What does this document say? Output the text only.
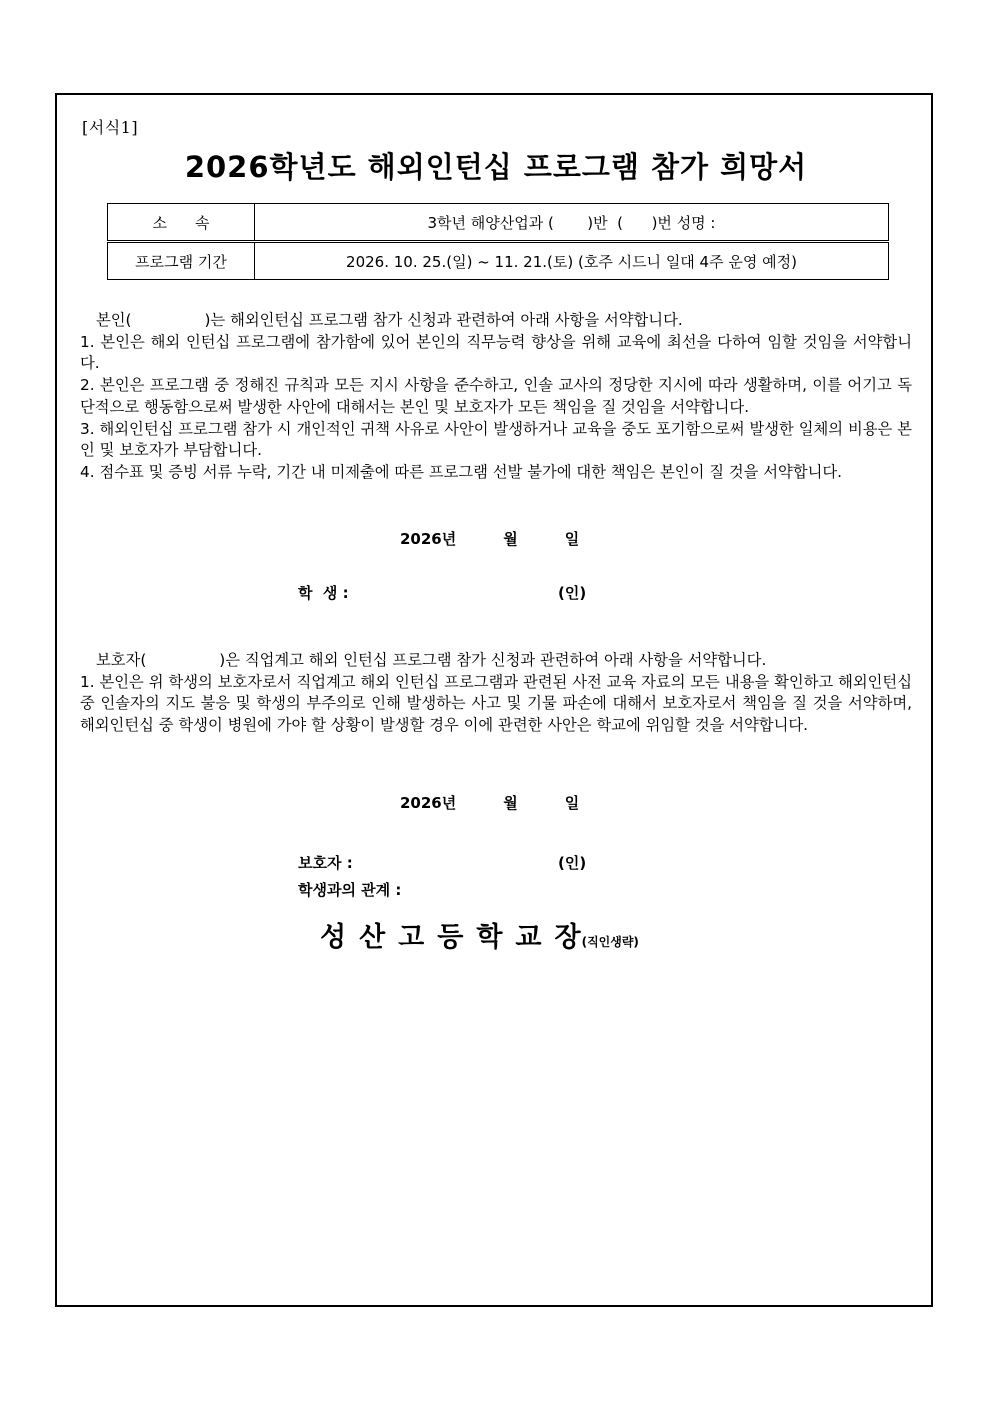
[서식1]
2026학년도 해외인턴십 프로그램 참가 희망서
소속	3학년 해양산업과 (       )반  (      )번 성명 :
프로그램 기간	2026. 10. 25.(일) ~ 11. 21.(토) (호주 시드니 일대 4주 운영 예정)

본인(               )는 해외인턴십 프로그램 참가 신청과 관련하여 아래 사항을 서약합니다.

1. 본인은 해외 인턴십 프로그램에 참가함에 있어 본인의 직무능력 향상을 위해 교육에 최선을 다하여 임할 것임을 서약합니다.

2. 본인은 프로그램 중 정해진 규칙과 모든 지시 사항을 준수하고, 인솔 교사의 정당한 지시에 따라 생활하며, 이를 어기고 독단적으로 행동함으로써 발생한 사안에 대해서는 본인 및 보호자가 모든 책임을 질 것임을 서약합니다.

3. 해외인턴십 프로그램 참가 시 개인적인 귀책 사유로 사안이 발생하거나 교육을 중도 포기함으로써 발생한 일체의 비용은 본인 및 보호자가 부담합니다.

4. 점수표 및 증빙 서류 누락, 기간 내 미제출에 따른 프로그램 선발 불가에 대한 책임은 본인이 질 것을 서약합니다.

2026년         월         일
학  생 :	(인)

보호자(               )은 직업계고 해외 인턴십 프로그램 참가 신청과 관련하여 아래 사항을 서약합니다.

1. 본인은 위 학생의 보호자로서 직업계고 해외 인턴십 프로그램과 관련된 사전 교육 자료의 모든 내용을 확인하고 해외인턴십 중 인솔자의 지도 불응 및 학생의 부주의로 인해 발생하는 사고 및 기물 파손에 대해서 보호자로서 책임을 질 것을 서약하며, 해외인턴십 중 학생이 병원에 가야 할 상황이 발생할 경우 이에 관련한 사안은 학교에 위임할 것을 서약합니다.

2026년         월         일
보호자 :	(인)
학생과의 관계 :
성산고등학교장(직인생략)
